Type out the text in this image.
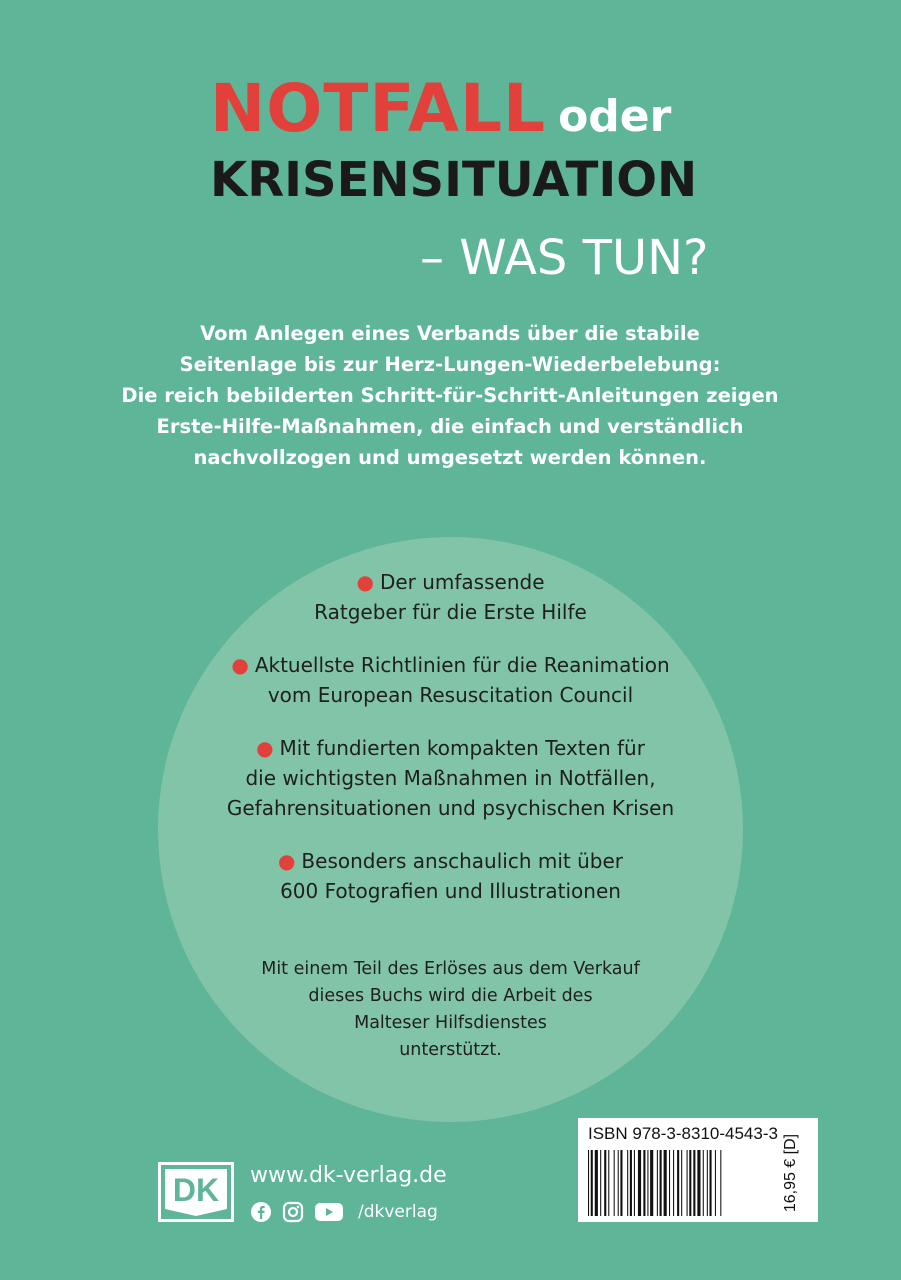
NOTFALL oder
KRISENSITUATION
– WAS TUN?

Vom Anlegen eines Verbands über die stabile
Seitenlage bis zur Herz-Lungen-Wiederbelebung:
Die reich bebilderten Schritt-für-Schritt-Anleitungen zeigen
Erste-Hilfe-Maßnahmen, die einfach und verständlich
nachvollzogen und umgesetzt werden können.

● Der umfassende
Ratgeber für die Erste Hilfe

● Aktuellste Richtlinien für die Reanimation
vom European Resuscitation Council

● Mit fundierten kompakten Texten für
die wichtigsten Maßnahmen in Notfällen,
Gefahrensituationen und psychischen Krisen

● Besonders anschaulich mit über
600 Fotografien und Illustrationen

Mit einem Teil des Erlöses aus dem Verkauf
dieses Buchs wird die Arbeit des
Malteser Hilfsdienstes
unterstützt.

DK www.dk-verlag.de

/dkverlag
ISBN 978-3-8310-4543-3
16,95 € [D]
